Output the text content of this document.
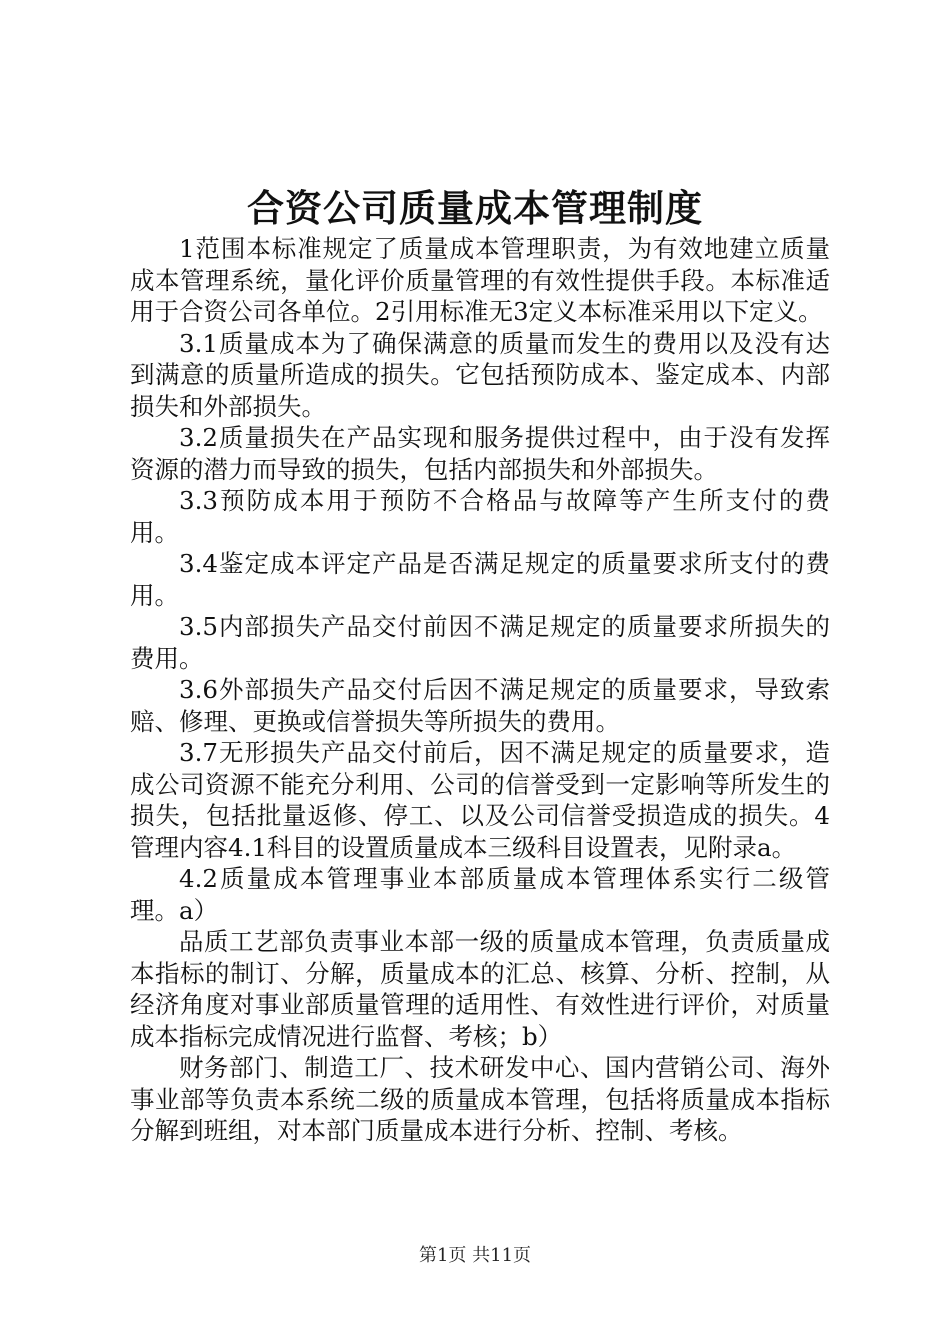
合资公司质量成本管理制度

1范围本标准规定了质量成本管理职责，为有效地建立质量成本管理系统，量化评价质量管理的有效性提供手段。本标准适用于合资公司各单位。2引用标准无3定义本标准采用以下定义。

3.1质量成本为了确保满意的质量而发生的费用以及没有达到满意的质量所造成的损失。它包括预防成本、鉴定成本、内部损失和外部损失。

3.2质量损失在产品实现和服务提供过程中，由于没有发挥资源的潜力而导致的损失，包括内部损失和外部损失。

3.3预防成本用于预防不合格品与故障等产生所支付的费用。

3.4鉴定成本评定产品是否满足规定的质量要求所支付的费用。

3.5内部损失产品交付前因不满足规定的质量要求所损失的费用。

3.6外部损失产品交付后因不满足规定的质量要求，导致索赔、修理、更换或信誉损失等所损失的费用。

3.7无形损失产品交付前后，因不满足规定的质量要求，造成公司资源不能充分利用、公司的信誉受到一定影响等所发生的损失，包括批量返修、停工、以及公司信誉受损造成的损失。4管理内容4.1科目的设置质量成本三级科目设置表，见附录a。

4.2质量成本管理事业本部质量成本管理体系实行二级管理。a）

品质工艺部负责事业本部一级的质量成本管理，负责质量成本指标的制订、分解，质量成本的汇总、核算、分析、控制，从经济角度对事业部质量管理的适用性、有效性进行评价，对质量成本指标完成情况进行监督、考核；b）

财务部门、制造工厂、技术研发中心、国内营销公司、海外事业部等负责本系统二级的质量成本管理，包括将质量成本指标分解到班组，对本部门质量成本进行分析、控制、考核。

第1页 共11页
